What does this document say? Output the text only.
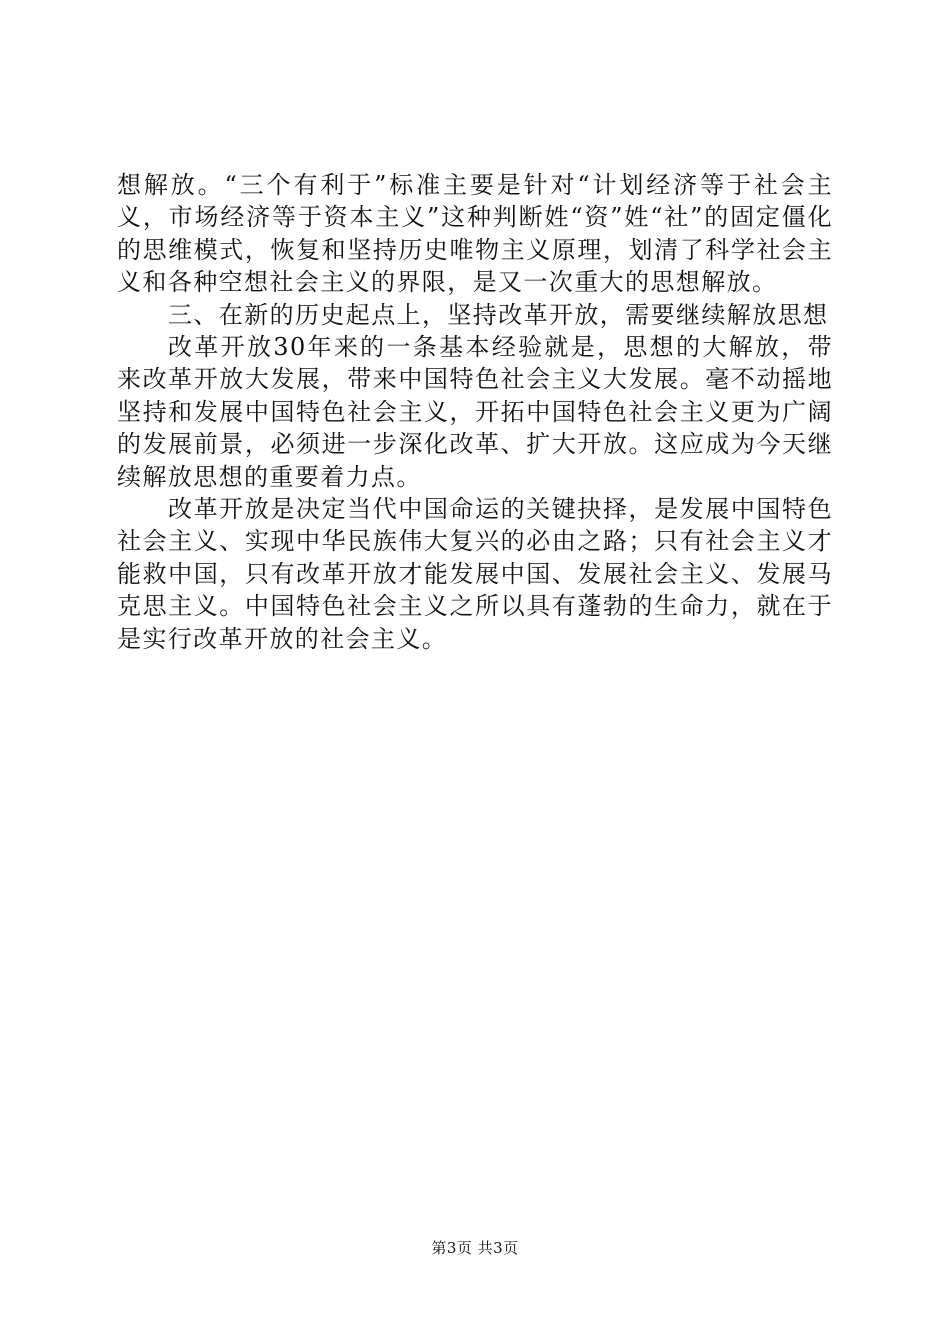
想解放。“三个有利于”标准主要是针对“计划经济等于社会主义，市场经济等于资本主义”这种判断姓“资”姓“社”的固定僵化的思维模式，恢复和坚持历史唯物主义原理，划清了科学社会主义和各种空想社会主义的界限，是又一次重大的思想解放。

三、在新的历史起点上，坚持改革开放，需要继续解放思想

改革开放30年来的一条基本经验就是，思想的大解放，带来改革开放大发展，带来中国特色社会主义大发展。毫不动摇地坚持和发展中国特色社会主义，开拓中国特色社会主义更为广阔的发展前景，必须进一步深化改革、扩大开放。这应成为今天继续解放思想的重要着力点。

改革开放是决定当代中国命运的关键抉择，是发展中国特色社会主义、实现中华民族伟大复兴的必由之路；只有社会主义才能救中国，只有改革开放才能发展中国、发展社会主义、发展马克思主义。中国特色社会主义之所以具有蓬勃的生命力，就在于是实行改革开放的社会主义。

第3页 共3页
